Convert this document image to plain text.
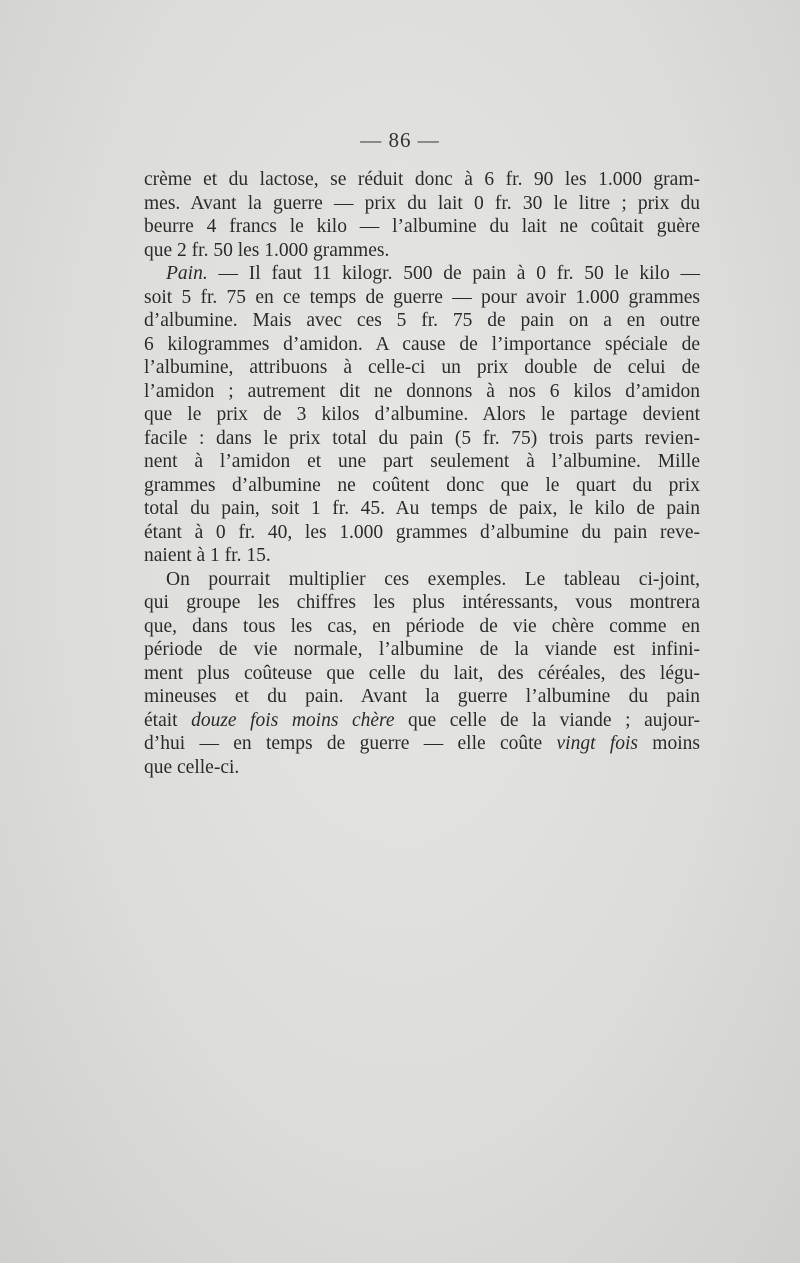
— 86 —
crème et du lactose, se réduit donc à 6 fr. 90 les 1.000 gram-
mes. Avant la guerre — prix du lait 0 fr. 30 le litre ; prix du
beurre 4 francs le kilo — l’albumine du lait ne coûtait guère
que 2 fr. 50 les 1.000 grammes.
Pain. — Il faut 11 kilogr. 500 de pain à 0 fr. 50 le kilo —
soit 5 fr. 75 en ce temps de guerre — pour avoir 1.000 grammes
d’albumine. Mais avec ces 5 fr. 75 de pain on a en outre
6 kilogrammes d’amidon. A cause de l’importance spéciale de
l’albumine, attribuons à celle-ci un prix double de celui de
l’amidon ; autrement dit ne donnons à nos 6 kilos d’amidon
que le prix de 3 kilos d’albumine. Alors le partage devient
facile : dans le prix total du pain (5 fr. 75) trois parts revien-
nent à l’amidon et une part seulement à l’albumine. Mille
grammes d’albumine ne coûtent donc que le quart du prix
total du pain, soit 1 fr. 45. Au temps de paix, le kilo de pain
étant à 0 fr. 40, les 1.000 grammes d’albumine du pain reve-
naient à 1 fr. 15.
On pourrait multiplier ces exemples. Le tableau ci-joint,
qui groupe les chiffres les plus intéressants, vous montrera
que, dans tous les cas, en période de vie chère comme en
période de vie normale, l’albumine de la viande est infini-
ment plus coûteuse que celle du lait, des céréales, des légu-
mineuses et du pain. Avant la guerre l’albumine du pain
était douze fois moins chère que celle de la viande ; aujour-
d’hui — en temps de guerre — elle coûte vingt fois moins
que celle-ci.
